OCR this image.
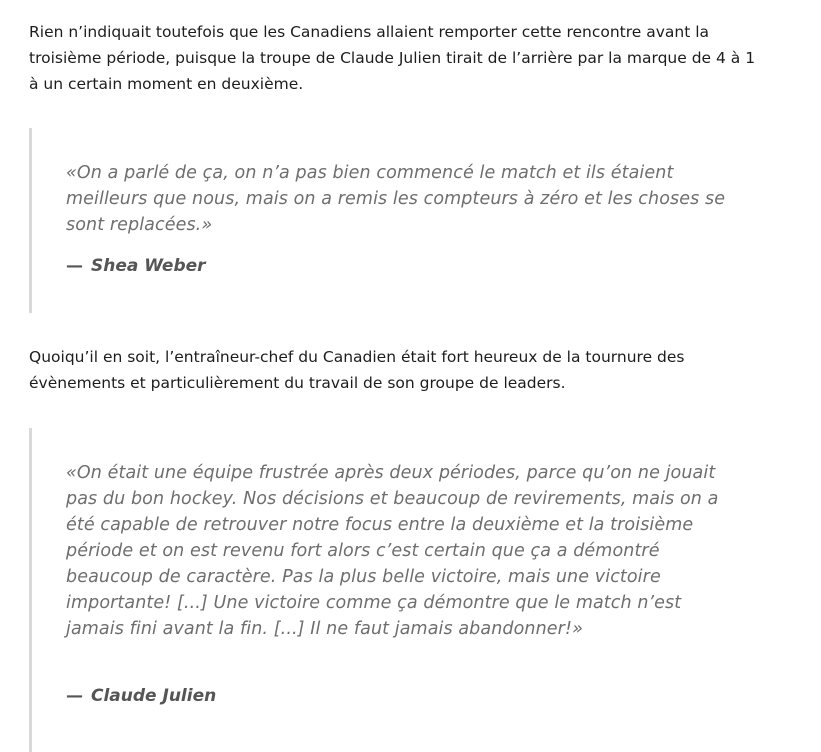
Rien n’indiquait toutefois que les Canadiens allaient remporter cette rencontre avant la troisième période, puisque la troupe de Claude Julien tirait de l’arrière par la marque de 4 à 1 à un certain moment en deuxième.

«On a parlé de ça, on n’a pas bien commencé le match et ils étaient meilleurs que nous, mais on a remis les compteurs à zéro et les choses se sont replacées.»

— Shea Weber

Quoiqu’il en soit, l’entraîneur-chef du Canadien était fort heureux de la tournure des évènements et particulièrement du travail de son groupe de leaders.

«On était une équipe frustrée après deux périodes, parce qu’on ne jouait pas du bon hockey. Nos décisions et beaucoup de revirements, mais on a été capable de retrouver notre focus entre la deuxième et la troisième période et on est revenu fort alors c’est certain que ça a démontré beaucoup de caractère. Pas la plus belle victoire, mais une victoire importante! [...] Une victoire comme ça démontre que le match n’est jamais fini avant la fin. [...] Il ne faut jamais abandonner!»

— Claude Julien
